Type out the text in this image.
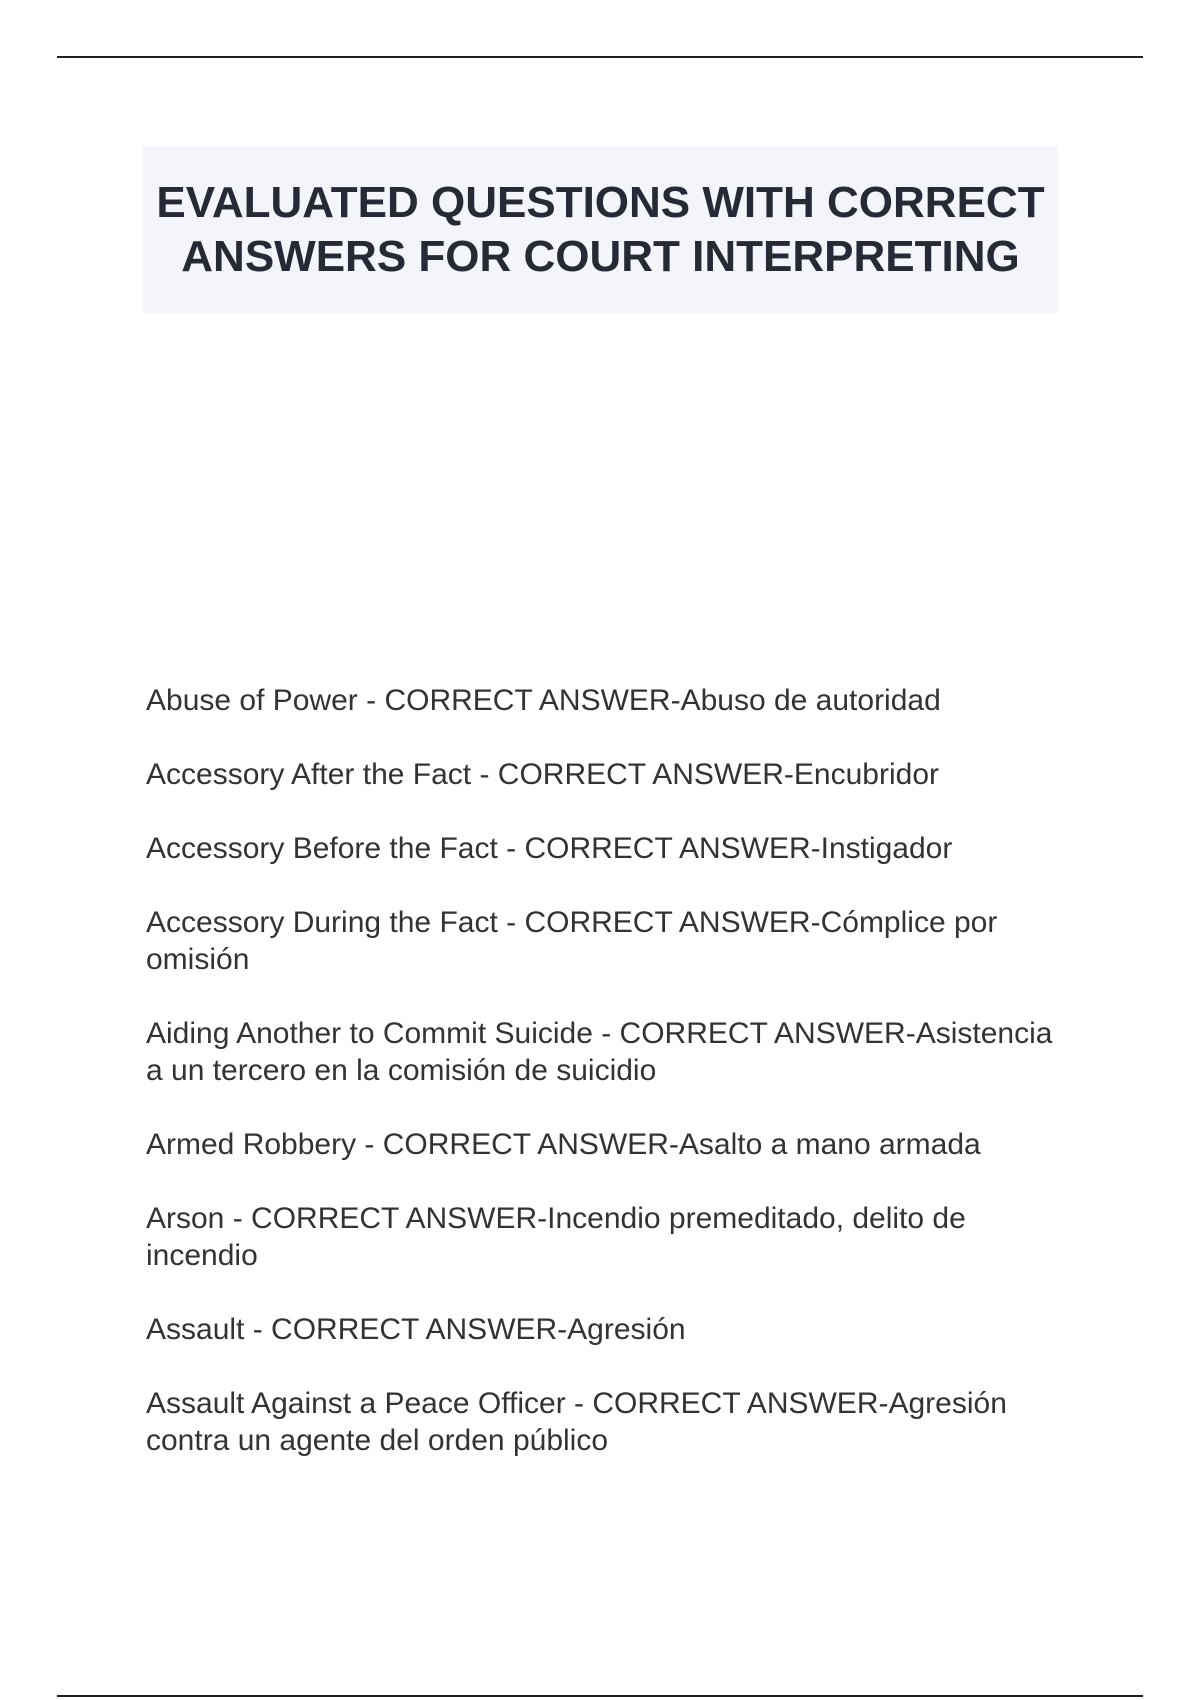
EVALUATED QUESTIONS WITH CORRECT ANSWERS FOR COURT INTERPRETING
Abuse of Power - CORRECT ANSWER-Abuso de autoridad
Accessory After the Fact - CORRECT ANSWER-Encubridor
Accessory Before the Fact - CORRECT ANSWER-Instigador
Accessory During the Fact - CORRECT ANSWER-Cómplice por omisión
Aiding Another to Commit Suicide - CORRECT ANSWER-Asistencia a un tercero en la comisión de suicidio
Armed Robbery - CORRECT ANSWER-Asalto a mano armada
Arson - CORRECT ANSWER-Incendio premeditado, delito de incendio
Assault - CORRECT ANSWER-Agresión
Assault Against a Peace Officer - CORRECT ANSWER-Agresión contra un agente del orden público
